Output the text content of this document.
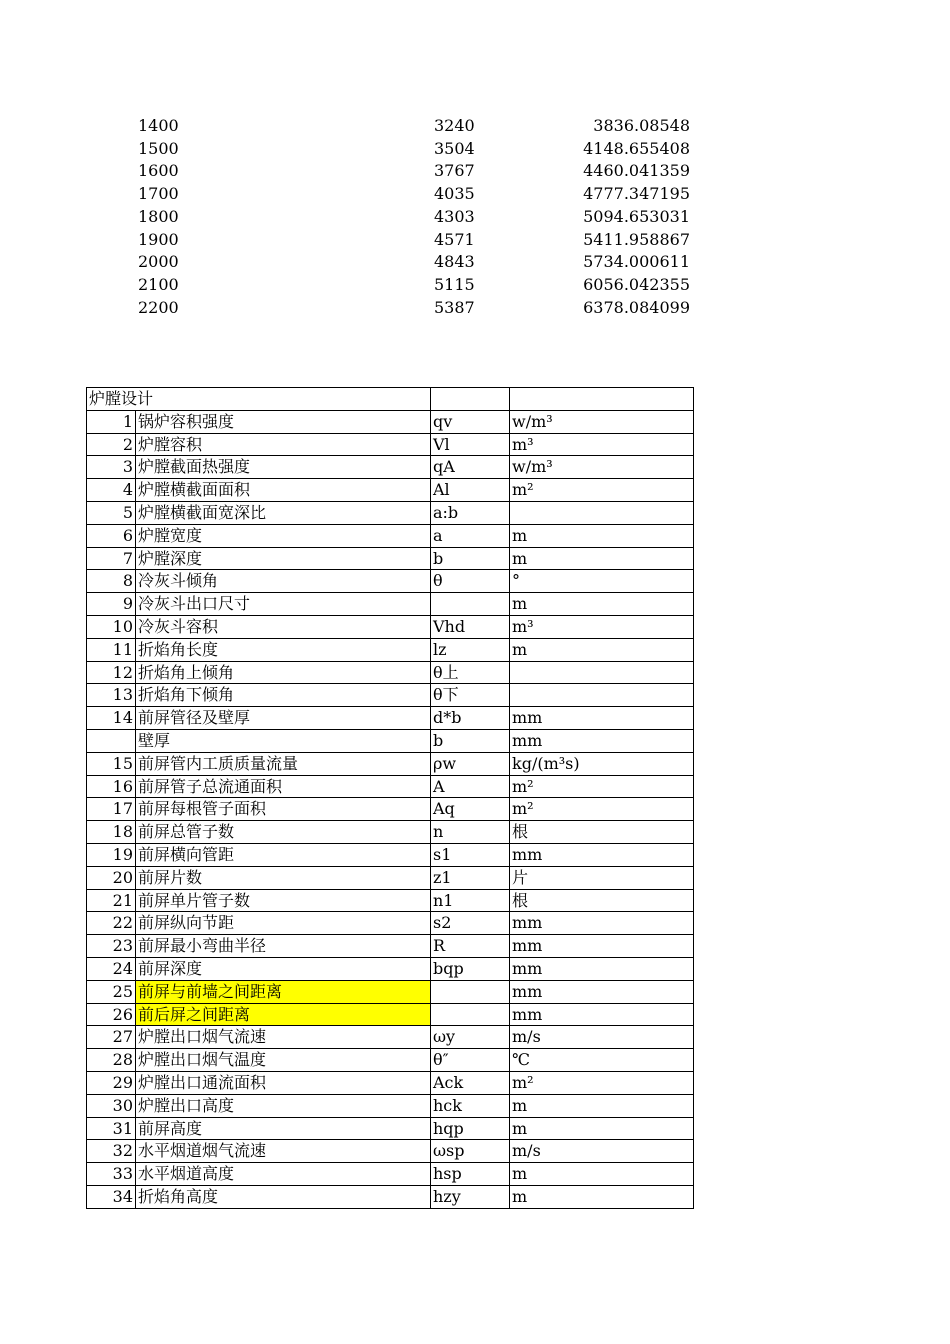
1400	3240	3836.08548
1500	3504	4148.655408
1600	3767	4460.041359
1700	4035	4777.347195
1800	4303	5094.653031
1900	4571	5411.958867
2000	4843	5734.000611
2100	5115	6056.042355
2200	5387	6378.084099
炉膛设计			

1	锅炉容积强度	qv	w/m³
2	炉膛容积	Vl	m³
3	炉膛截面热强度	qA	w/m³
4	炉膛横截面面积	Al	m²
5	炉膛横截面宽深比	a:b	
6	炉膛宽度	a	m
7	炉膛深度	b	m
8	冷灰斗倾角	θ	°
9	冷灰斗出口尺寸		m
10	冷灰斗容积	Vhd	m³
11	折焰角长度	lz	m
12	折焰角上倾角	θ上	
13	折焰角下倾角	θ下	
14	前屏管径及壁厚	d*b	mm
	壁厚	b	mm
15	前屏管内工质质量流量	ρw	kg/(m³s)
16	前屏管子总流通面积	A	m²
17	前屏每根管子面积	Aq	m²
18	前屏总管子数	n	根
19	前屏横向管距	s1	mm
20	前屏片数	z1	片
21	前屏单片管子数	n1	根
22	前屏纵向节距	s2	mm
23	前屏最小弯曲半径	R	mm
24	前屏深度	bqp	mm
25	前屏与前墙之间距离		mm
26	前后屏之间距离		mm
27	炉膛出口烟气流速	ωy	m/s
28	炉膛出口烟气温度	θ″	℃
29	炉膛出口通流面积	Ack	m²
30	炉膛出口高度	hck	m
31	前屏高度	hqp	m
32	水平烟道烟气流速	ωsp	m/s
33	水平烟道高度	hsp	m
34	折焰角高度	hzy	m
